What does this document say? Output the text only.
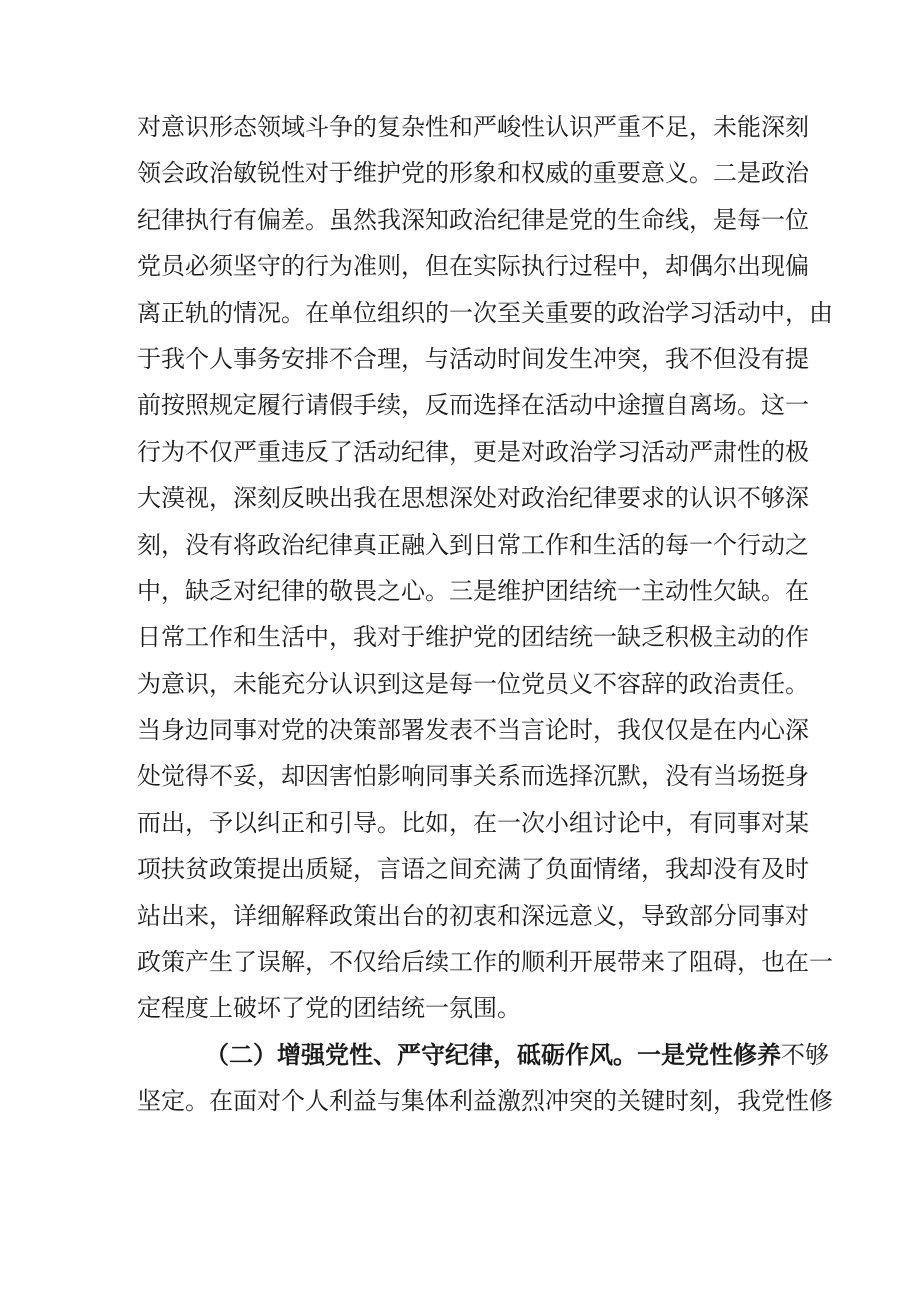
对意识形态领域斗争的复杂性和严峻性认识严重不足，未能深刻
领会政治敏锐性对于维护党的形象和权威的重要意义。二是政治
纪律执行有偏差。虽然我深知政治纪律是党的生命线，是每一位
党员必须坚守的行为准则，但在实际执行过程中，却偶尔出现偏
离正轨的情况。在单位组织的一次至关重要的政治学习活动中，由
于我个人事务安排不合理，与活动时间发生冲突，我不但没有提
前按照规定履行请假手续，反而选择在活动中途擅自离场。这一
行为不仅严重违反了活动纪律，更是对政治学习活动严肃性的极
大漠视，深刻反映出我在思想深处对政治纪律要求的认识不够深
刻，没有将政治纪律真正融入到日常工作和生活的每一个行动之
中，缺乏对纪律的敬畏之心。三是维护团结统一主动性欠缺。在
日常工作和生活中，我对于维护党的团结统一缺乏积极主动的作
为意识，未能充分认识到这是每一位党员义不容辞的政治责任。
当身边同事对党的决策部署发表不当言论时，我仅仅是在内心深
处觉得不妥，却因害怕影响同事关系而选择沉默，没有当场挺身
而出，予以纠正和引导。比如，在一次小组讨论中，有同事对某
项扶贫政策提出质疑，言语之间充满了负面情绪，我却没有及时
站出来，详细解释政策出台的初衷和深远意义，导致部分同事对
政策产生了误解，不仅给后续工作的顺利开展带来了阻碍，也在一
定程度上破坏了党的团结统一氛围。
（二）增强党性、严守纪律，砥砺作风。一是党性修养不够
坚定。在面对个人利益与集体利益激烈冲突的关键时刻，我党性修
